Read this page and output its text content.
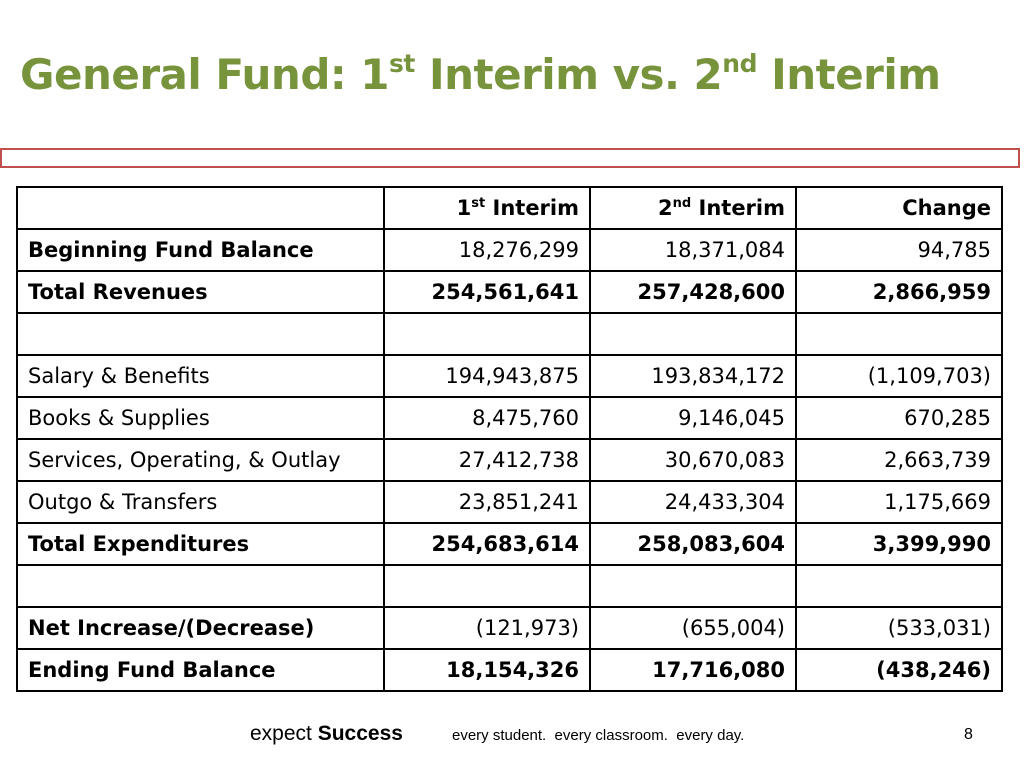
General Fund: 1st Interim vs. 2nd Interim
	1st Interim	2nd Interim	Change
Beginning Fund Balance	18,276,299	18,371,084	94,785
Total Revenues	254,561,641	257,428,600	2,866,959

Salary & Benefits	194,943,875	193,834,172	(1,109,703)
Books & Supplies	8,475,760	9,146,045	670,285
Services, Operating, & Outlay	27,412,738	30,670,083	2,663,739
Outgo & Transfers	23,851,241	24,433,304	1,175,669
Total Expenditures	254,683,614	258,083,604	3,399,990

Net Increase/(Decrease)	(121,973)	(655,004)	(533,031)
Ending Fund Balance	18,154,326	17,716,080	(438,246)
expect Success	every student.  every classroom.  every day.	8
